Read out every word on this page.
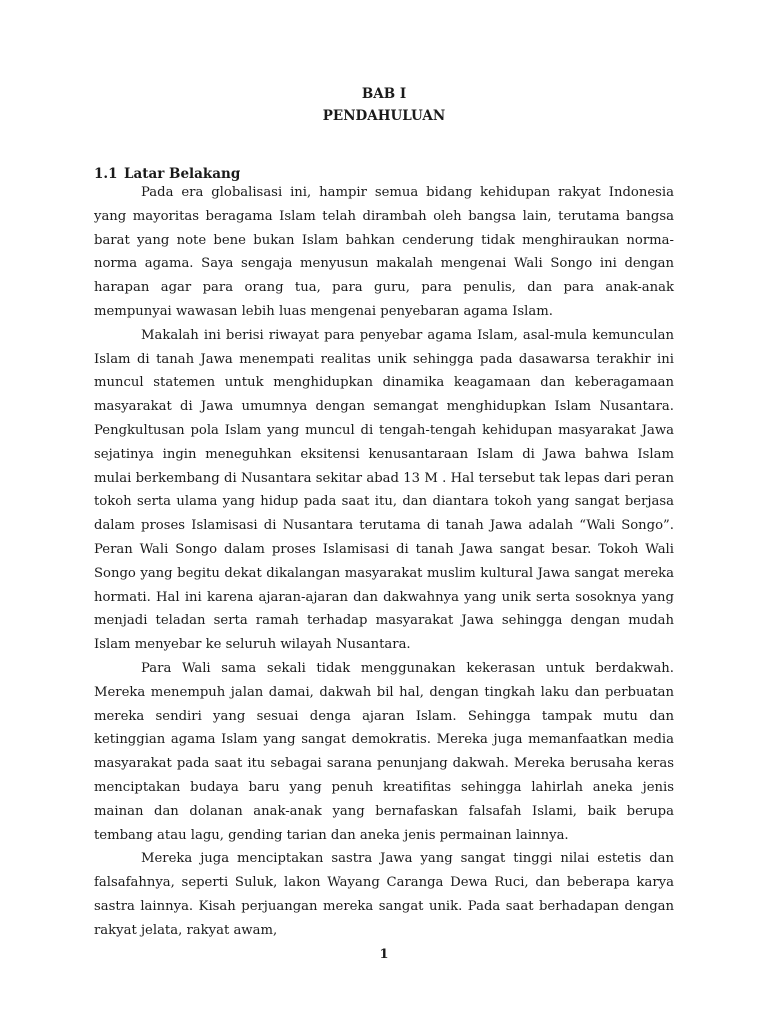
BAB I
PENDAHULUAN
1.1 Latar Belakang

Pada era globalisasi ini, hampir semua bidang kehidupan rakyat Indonesia yang mayoritas beragama Islam telah dirambah oleh bangsa lain, terutama bangsa barat yang note bene bukan Islam bahkan cenderung tidak menghiraukan norma-norma agama. Saya sengaja menyusun makalah mengenai Wali Songo ini dengan harapan agar para orang tua, para guru, para penulis, dan para anak-anak mempunyai wawasan lebih luas mengenai penyebaran agama Islam.

Makalah ini berisi riwayat para penyebar agama Islam, asal-mula kemunculan Islam di tanah Jawa menempati realitas unik sehingga pada dasawarsa terakhir ini muncul statemen untuk menghidupkan dinamika keagamaan dan keberagamaan masyarakat di Jawa umumnya dengan semangat menghidupkan Islam Nusantara. Pengkultusan pola Islam yang muncul di tengah-tengah kehidupan masyarakat Jawa sejatinya ingin meneguhkan eksitensi kenusantaraan Islam di Jawa bahwa Islam mulai berkembang di Nusantara sekitar abad 13 M . Hal tersebut tak lepas dari peran tokoh serta ulama yang hidup pada saat itu, dan diantara tokoh yang sangat berjasa dalam proses Islamisasi di Nusantara terutama di tanah Jawa adalah “Wali Songo”. Peran Wali Songo dalam proses Islamisasi di tanah Jawa sangat besar. Tokoh Wali Songo yang begitu dekat dikalangan masyarakat muslim kultural Jawa sangat mereka hormati. Hal ini karena ajaran-ajaran dan dakwahnya yang unik serta sosoknya yang menjadi teladan serta ramah terhadap masyarakat Jawa sehingga dengan mudah Islam menyebar ke seluruh wilayah Nusantara.

Para Wali sama sekali tidak menggunakan kekerasan untuk berdakwah. Mereka menempuh jalan damai, dakwah bil hal, dengan tingkah laku dan perbuatan mereka sendiri yang sesuai denga ajaran Islam. Sehingga tampak mutu dan ketinggian agama Islam yang sangat demokratis. Mereka juga memanfaatkan media masyarakat pada saat itu sebagai sarana penunjang dakwah. Mereka berusaha keras menciptakan budaya baru yang penuh kreatifitas sehingga lahirlah aneka jenis mainan dan dolanan anak-anak yang bernafaskan falsafah Islami, baik berupa tembang atau lagu, gending tarian dan aneka jenis permainan lainnya.

Mereka juga menciptakan sastra Jawa yang sangat tinggi nilai estetis dan falsafahnya, seperti Suluk, lakon Wayang Caranga Dewa Ruci, dan beberapa karya sastra lainnya. Kisah perjuangan mereka sangat unik. Pada saat berhadapan dengan rakyat jelata, rakyat awam,

1
